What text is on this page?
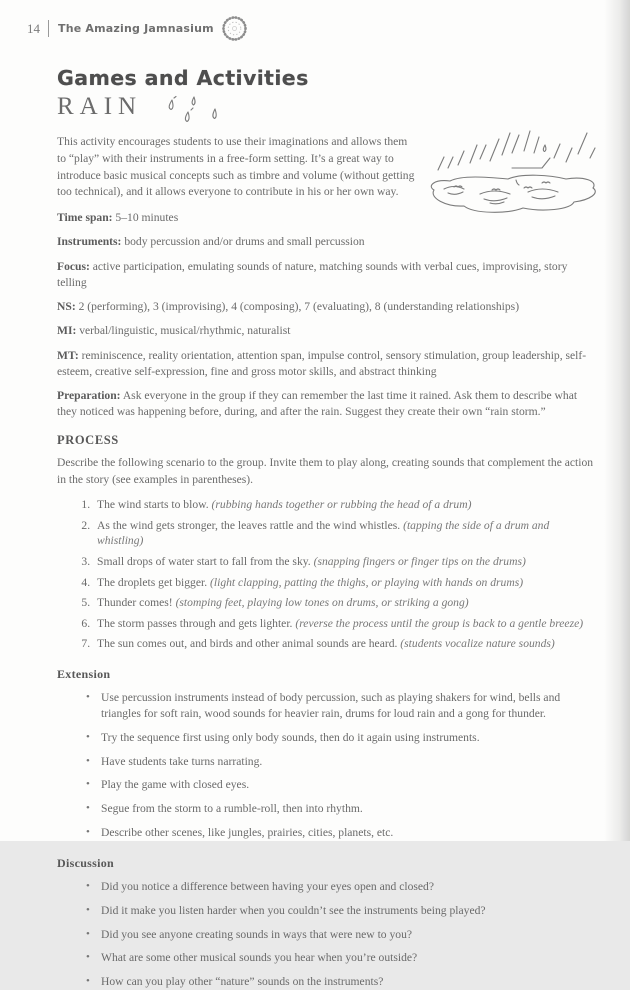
14 The Amazing Jamnasium
Games and Activities
RAIN

This activity encourages students to use their imaginations and allows them to “play” with their instruments in a free-form setting. It’s a great way to introduce basic musical concepts such as timbre and volume (without getting too technical), and it allows everyone to contribute in his or her own way.

Time span: 5–10 minutes

Instruments: body percussion and/or drums and small percussion

Focus: active participation, emulating sounds of nature, matching sounds with verbal cues, improvising, story telling

NS: 2 (performing), 3 (improvising), 4 (composing), 7 (evaluating), 8 (understanding relationships)

MI: verbal/linguistic, musical/rhythmic, naturalist

MT: reminiscence, reality orientation, attention span, impulse control, sensory stimulation, group leadership, self-esteem, creative self-expression, fine and gross motor skills, and abstract thinking

Preparation: Ask everyone in the group if they can remember the last time it rained. Ask them to describe what they noticed was happening before, during, and after the rain. Suggest they create their own “rain storm.”

PROCESS

Describe the following scenario to the group. Invite them to play along, creating sounds that complement the action in the story (see examples in parentheses).

1. The wind starts to blow. (rubbing hands together or rubbing the head of a drum)
2. As the wind gets stronger, the leaves rattle and the wind whistles. (tapping the side of a drum and whistling)
3. Small drops of water start to fall from the sky. (snapping fingers or finger tips on the drums)
4. The droplets get bigger. (light clapping, patting the thighs, or playing with hands on drums)
5. Thunder comes! (stomping feet, playing low tones on drums, or striking a gong)
6. The storm passes through and gets lighter. (reverse the process until the group is back to a gentle breeze)
7. The sun comes out, and birds and other animal sounds are heard. (students vocalize nature sounds)
Extension
• Use percussion instruments instead of body percussion, such as playing shakers for wind, bells and triangles for soft rain, wood sounds for heavier rain, drums for loud rain and a gong for thunder.
• Try the sequence first using only body sounds, then do it again using instruments.
• Have students take turns narrating.
• Play the game with closed eyes.
• Segue from the storm to a rumble-roll, then into rhythm.
• Describe other scenes, like jungles, prairies, cities, planets, etc.
Discussion
• Did you notice a difference between having your eyes open and closed?
• Did it make you listen harder when you couldn’t see the instruments being played?
• Did you see anyone creating sounds in ways that were new to you?
• What are some other musical sounds you hear when you’re outside?
• How can you play other “nature” sounds on the instruments?
